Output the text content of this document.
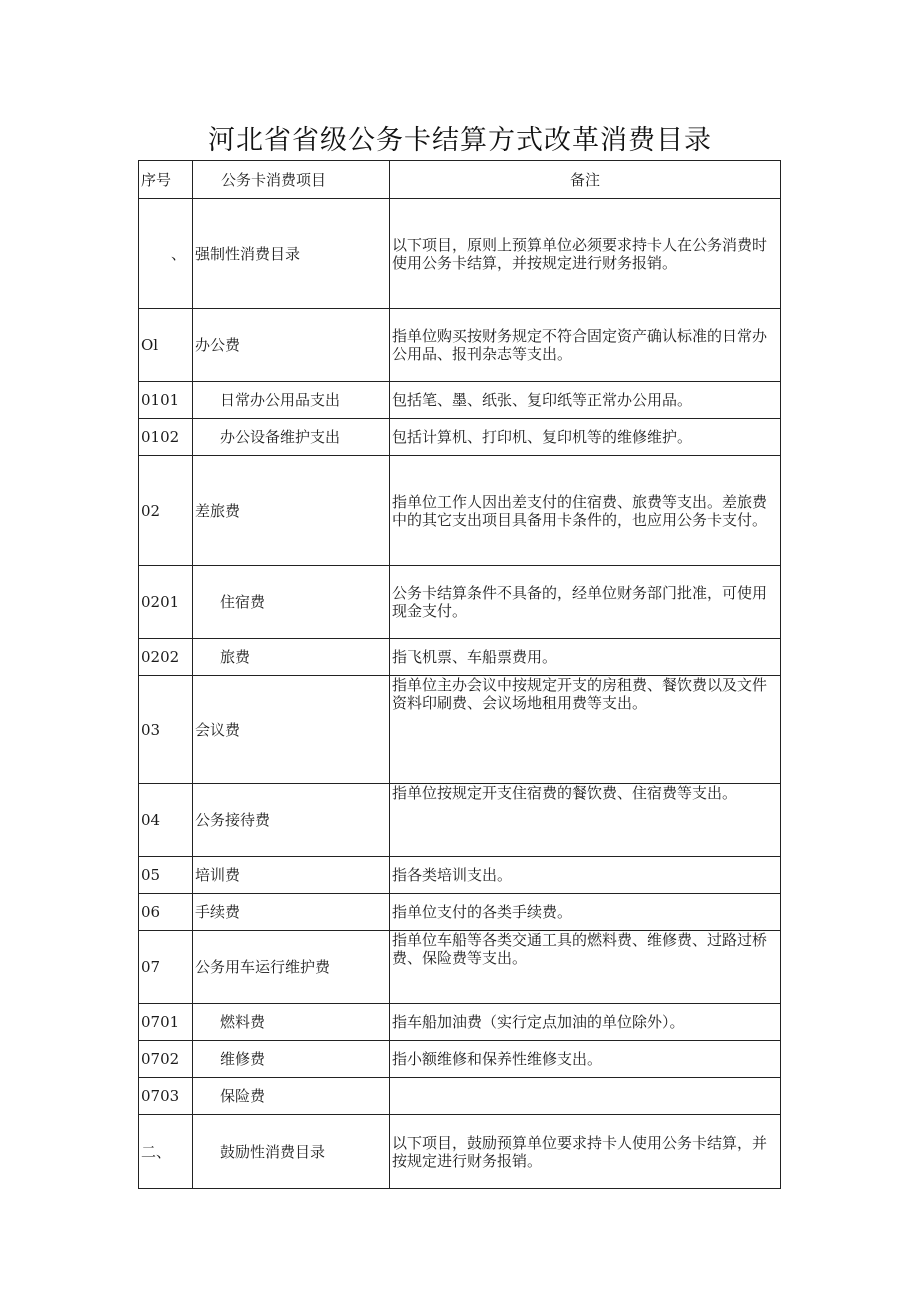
河北省省级公务卡结算方式改革消费目录
序号	公务卡消费项目	备注
、	强制性消费目录	以下项目，原则上预算单位必须要求持卡人在公务消费时使用公务卡结算，并按规定进行财务报销。
Ol	办公费	指单位购买按财务规定不符合固定资产确认标准的日常办公用品、报刊杂志等支出。
0101	日常办公用品支出	包括笔、墨、纸张、复印纸等正常办公用品。
0102	办公设备维护支出	包括计算机、打印机、复印机等的维修维护。
02	差旅费	指单位工作人因出差支付的住宿费、旅费等支出。差旅费中的其它支出项目具备用卡条件的，也应用公务卡支付。
0201	住宿费	公务卡结算条件不具备的，经单位财务部门批准，可使用现金支付。
0202	旅费	指飞机票、车船票费用。
03	会议费	指单位主办会议中按规定开支的房租费、餐饮费以及文件资料印刷费、会议场地租用费等支出。
04	公务接待费	指单位按规定开支住宿费的餐饮费、住宿费等支出。
05	培训费	指各类培训支出。
06	手续费	指单位支付的各类手续费。
07	公务用车运行维护费	指单位车船等各类交通工具的燃料费、维修费、过路过桥费、保险费等支出。
0701	燃料费	指车船加油费（实行定点加油的单位除外）。
0702	维修费	指小额维修和保养性维修支出。
0703	保险费	
二、	鼓励性消费目录	以下项目，鼓励预算单位要求持卡人使用公务卡结算，并按规定进行财务报销。
